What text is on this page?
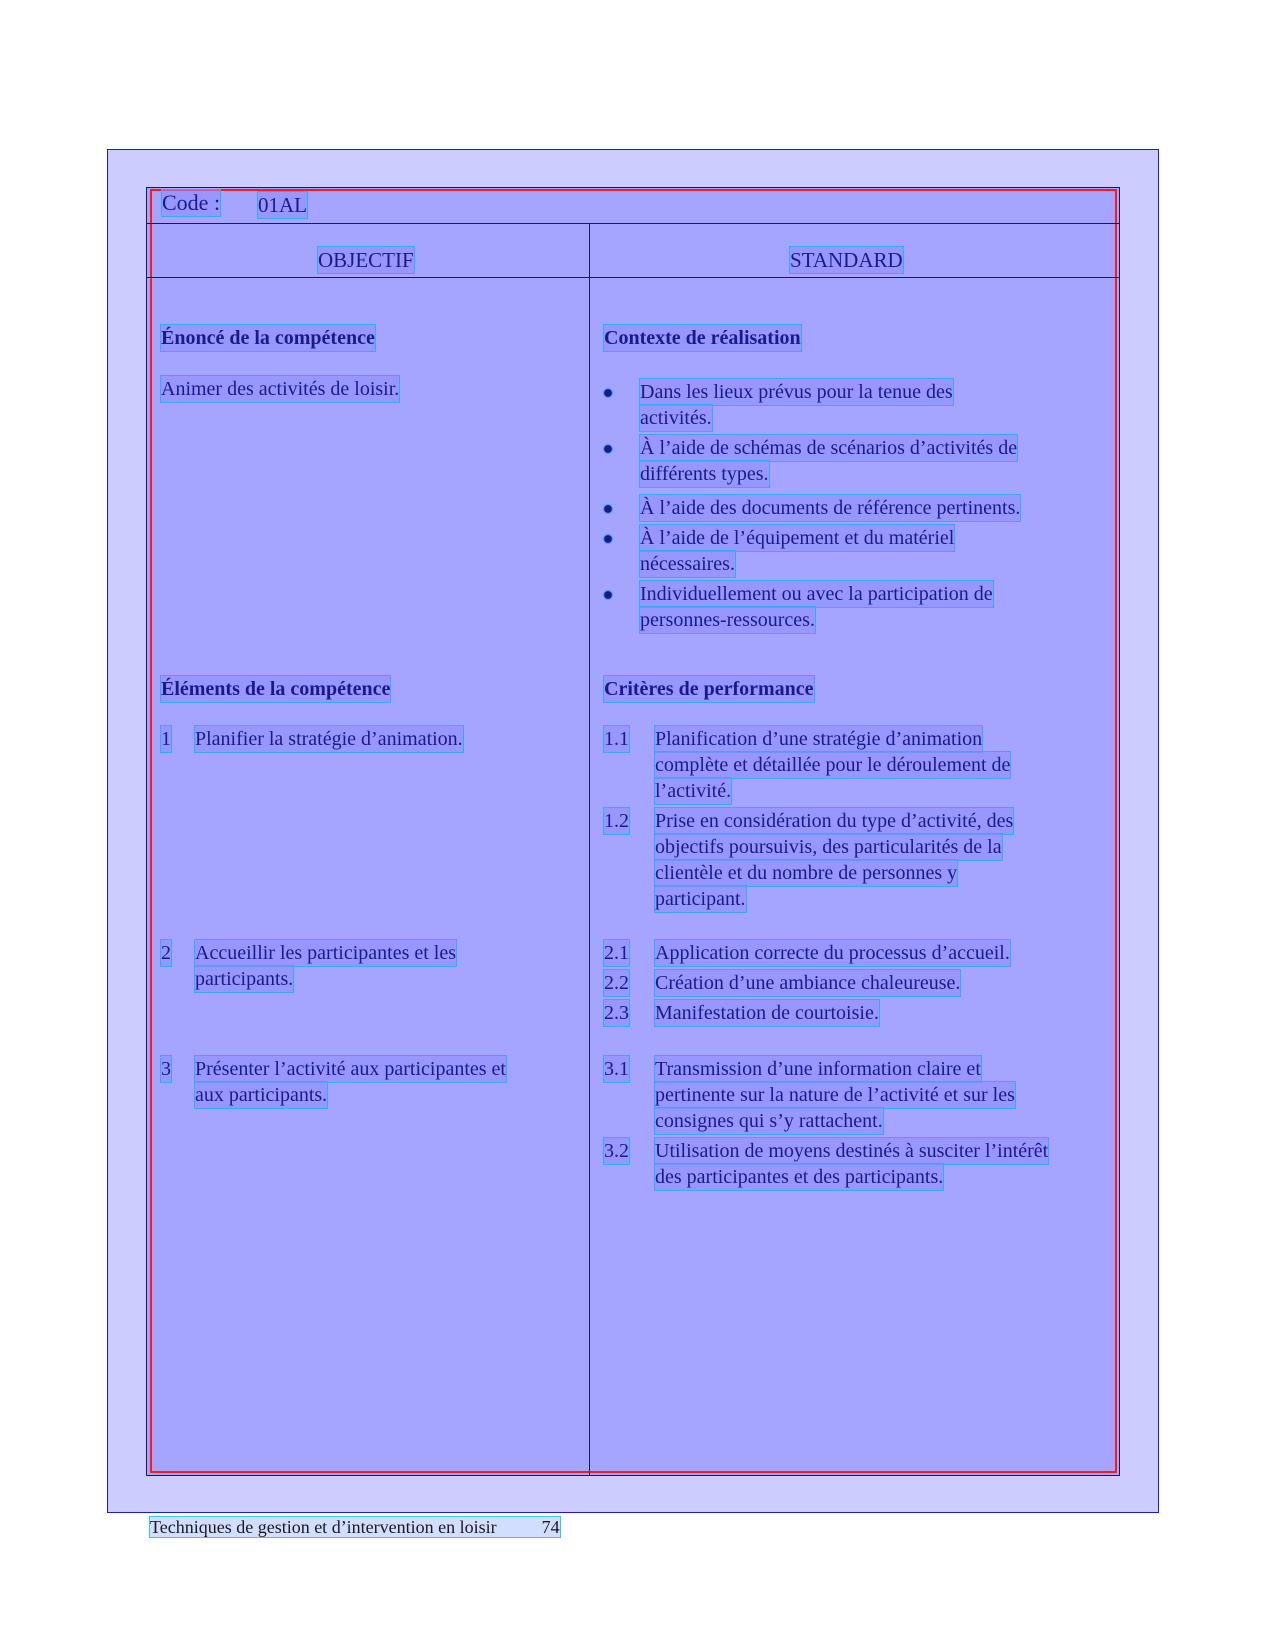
Code : 01AL
OBJECTIF	STANDARD
Énoncé de la compétence
Animer des activités de loisir.
Contexte de réalisation
Dans les lieux prévus pour la tenue des
activités.
À l’aide de schémas de scénarios d’activités de
différents types.
À l’aide des documents de référence pertinents.
À l’aide de l’équipement et du matériel
nécessaires.
Individuellement ou avec la participation de
personnes-ressources.
Éléments de la compétence
1 Planifier la stratégie d’animation.
2 Accueillir les participantes et les
participants.
3 Présenter l’activité aux participantes et
aux participants.
Critères de performance
1.1 Planification d’une stratégie d’animation
complète et détaillée pour le déroulement de
l’activité.
1.2 Prise en considération du type d’activité, des
objectifs poursuivis, des particularités de la
clientèle et du nombre de personnes y
participant.
2.1 Application correcte du processus d’accueil.
2.2 Création d’une ambiance chaleureuse.
2.3 Manifestation de courtoisie.
3.1 Transmission d’une information claire et
pertinente sur la nature de l’activité et sur les
consignes qui s’y rattachent.
3.2 Utilisation de moyens destinés à susciter l’intérêt
des participantes et des participants.
Techniques de gestion et d’intervention en loisir	74
